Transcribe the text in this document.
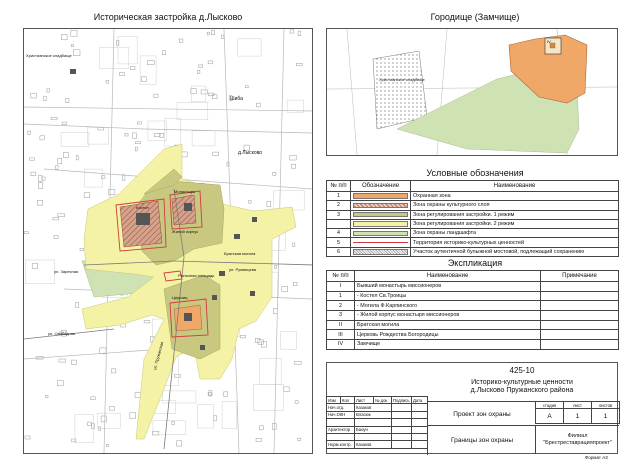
Историческая застройка д.Лысково
Христианское кладбище
Шиба
д.Лысково
Костел
Монастырь
Жилой корпус
Рыночная площадь
Церковь
Братская могила
ул. Румянцева
ул. Свободная
ул. Заречная
ул. Пружанская
Городище (Замчище)
Христианское кладбище
IV
Условные обозначения
№ п/п	Обозначение	Наименование
1		Охранная зона
2		Зона охраны культурного слоя
3		Зона регулирования застройки. 1 режим

	Зона регулирования застройки. 2 режим
4		Зона охраны ландшафта
5		Территория историко-культурных ценностей
6		Участок аутентичной булыжной мостовой, подлежащий сохранению
Экспликация
№ п/п	Наименование	Примечание
I	Бывший монастырь миссионеров	
1	- Костел Св.Троицы	
2	- Могила Ф.Карпинского	
3	- Жилой корпус монастыря миссионеров	
II	Братская могила	
III	Церковь Рождества Богородицы	
IV	Замчище	
425-10
Историко-культурные ценности
д.Лысково Пружанского района
Изм	Кол	Лист	№ док	Подпись	Дата
Нач.отд.		Казаков			
Нач.ОКН		Власюк			

Архитектор		Баоун			

Норм.контр.		Казаков			
Проект зон охраны
стадия	лист	листов
А	1	1
Границы зон охраны
Филиал
"Брестреставрацияпроект"
Формат А3
